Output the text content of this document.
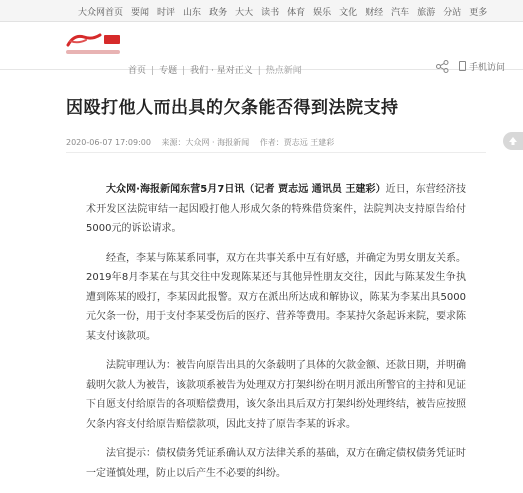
大众网首页 要闻 时评 山东 政务 大大 读书 体育 娱乐 文化 财经 汽车 旅游 分站 更多
首页 | 专题 | 我们 · 星对正义 | 热点新闻	手机访问
因殴打他人而出具的欠条能否得到法院支持
2020-06-07 17:09:00 来源：大众网 · 海报新闻 作者：贾志远 王建彩

大众网·海报新闻东营5月7日讯（记者 贾志远 通讯员 王建彩）近日，东营经济技术开发区法院审结一起因殴打他人形成欠条的特殊借贷案件，法院判决支持原告给付5000元的诉讼请求。

经查，李某与陈某系同事，双方在共事关系中互有好感，并确定为男女朋友关系。2019年8月李某在与其交往中发现陈某还与其他异性朋友交往，因此与陈某发生争执遭到陈某的殴打，李某因此报警。双方在派出所达成和解协议，陈某为李某出具5000元欠条一份，用于支付李某受伤后的医疗、营养等费用。李某持欠条起诉来院，要求陈某支付该款项。

法院审理认为：被告向原告出具的欠条载明了具体的欠款金额、还款日期，并明确载明欠款人为被告，该款项系被告为处理双方打架纠纷在明月派出所警官的主持和见证下自愿支付给原告的各项赔偿费用，该欠条出具后双方打架纠纷处理终结，被告应按照欠条内容支付给原告赔偿款项，因此支持了原告李某的诉求。

法官提示：债权债务凭证系确认双方法律关系的基础，双方在确定债权债务凭证时一定谨慎处理，防止以后产生不必要的纠纷。
